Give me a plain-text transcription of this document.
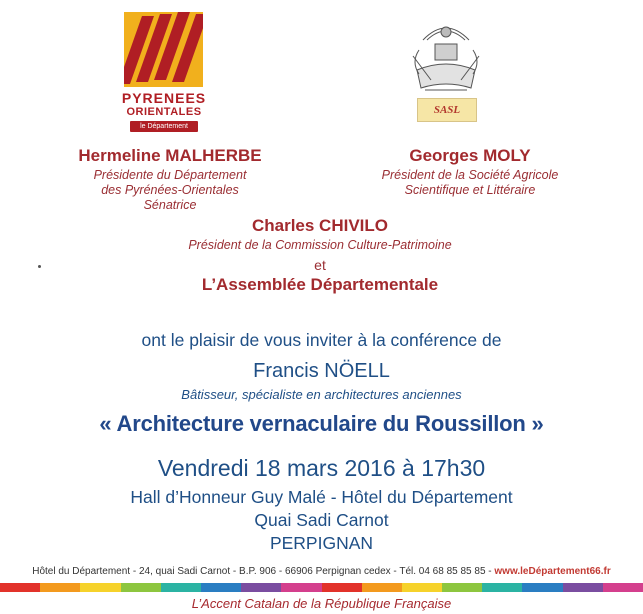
PYRENEES
ORIENTALES
le Département
SASL
Hermeline MALHERBE
Présidente du Département
des Pyrénées-Orientales
Sénatrice
Georges MOLY
Président de la Société Agricole
Scientifique et Littéraire
Charles CHIVILO
Président de la Commission Culture-Patrimoine
et
L’Assemblée Départementale
ont le plaisir de vous inviter à la conférence de
Francis NÖELL
Bâtisseur, spécialiste en architectures anciennes
« Architecture vernaculaire du Roussillon »
Vendredi 18 mars 2016 à 17h30
Hall d’Honneur Guy Malé - Hôtel du Département
Quai Sadi Carnot
PERPIGNAN
Hôtel du Département - 24, quai Sadi Carnot - B.P. 906 - 66906 Perpignan cedex - Tél. 04 68 85 85 85 - www.leDépartement66.fr
L’Accent Catalan de la République Française
